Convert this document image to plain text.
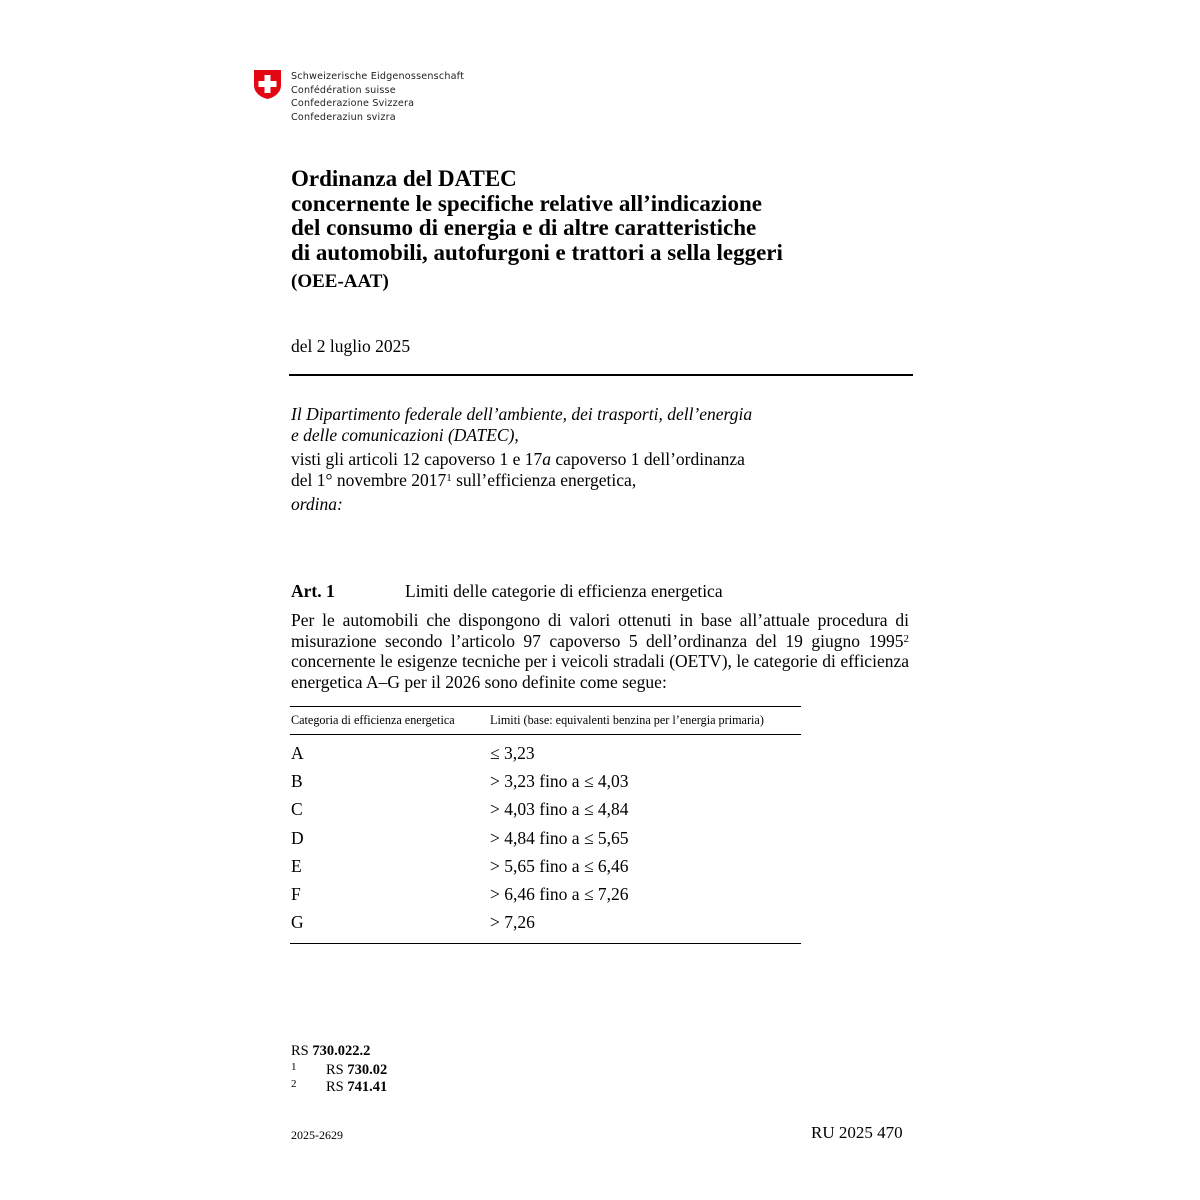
Schweizerische Eidgenossenschaft
Confédération suisse
Confederazione Svizzera
Confederaziun svizra
Ordinanza del DATEC
concernente le specifiche relative all’indicazione
del consumo di energia e di altre caratteristiche
di automobili, autofurgoni e trattori a sella leggeri
(OEE-AAT)
del 2 luglio 2025

Il Dipartimento federale dell’ambiente, dei trasporti, dell’energia

e delle comunicazioni (DATEC),

visti gli articoli 12 capoverso 1 e 17a capoverso 1 dell’ordinanza

del 1° novembre 2017$^1$ sull’efficienza energetica,

ordina:

Art. 1	Limiti delle categorie di efficienza energetica
Per le automobili che dispongono di valori ottenuti in base all’attuale procedura di misurazione secondo l’articolo 97 capoverso 5 dell’ordinanza del 19 giugno 1995$^2$ concernente le esigenze tecniche per i veicoli stradali (OETV), le categorie di efficienza energetica A–G per il 2026 sono definite come segue:
Categoria di efficienza energetica	Limiti (base: equivalenti benzina per l’energia primaria)
A	≤ 3,23
B	> 3,23 fino a ≤ 4,03
C	> 4,03 fino a ≤ 4,84
D	> 4,84 fino a ≤ 5,65
E	> 5,65 fino a ≤ 6,46
F	> 6,46 fino a ≤ 7,26
G	> 7,26
RS 730.022.2
1 RS 730.02
2 RS 741.41
2025-2629	RU 2025 470
